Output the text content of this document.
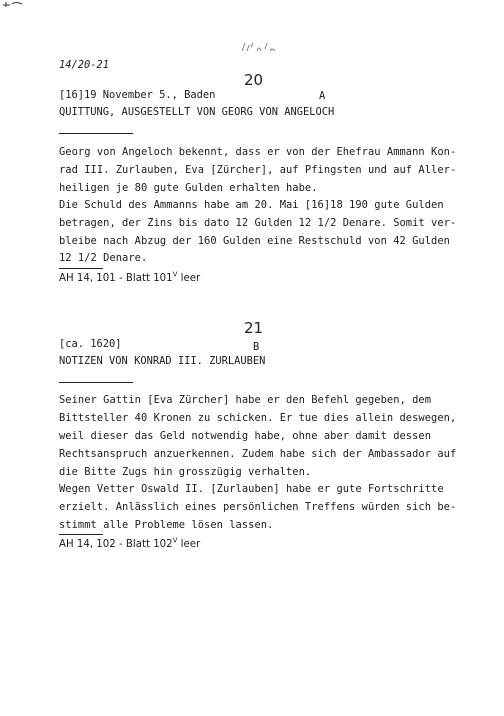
14/20-21
20
[16]19 November 5., Baden	A
QUITTUNG, AUSGESTELLT VON GEORG VON ANGELOCH
Georg von Angeloch bekennt, dass er von der Ehefrau Ammann Kon-
rad III. Zurlauben, Eva [Zürcher], auf Pfingsten und auf Aller-
heiligen je 80 gute Gulden erhalten habe.
Die Schuld des Ammanns habe am 20. Mai [16]18 190 gute Gulden
betragen, der Zins bis dato 12 Gulden 12 1/2 Denare. Somit ver-
bleibe nach Abzug der 160 Gulden eine Restschuld von 42 Gulden
12 1/2 Denare.
AH 14, 101 - Blatt $101^V$ leer
21
[ca. 1620]	B
NOTIZEN VON KONRAD III. ZURLAUBEN
Seiner Gattin [Eva Zürcher] habe er den Befehl gegeben, dem
Bittsteller 40 Kronen zu schicken. Er tue dies allein deswegen,
weil dieser das Geld notwendig habe, ohne aber damit dessen
Rechtsanspruch anzuerkennen. Zudem habe sich der Ambassador auf
die Bitte Zugs hin grosszügig verhalten.
Wegen Vetter Oswald II. [Zurlauben] habe er gute Fortschritte
erzielt. Anlässlich eines persönlichen Treffens würden sich be-
stimmt alle Probleme lösen lassen.
AH 14, 102 - Blatt $102^V$ leer
